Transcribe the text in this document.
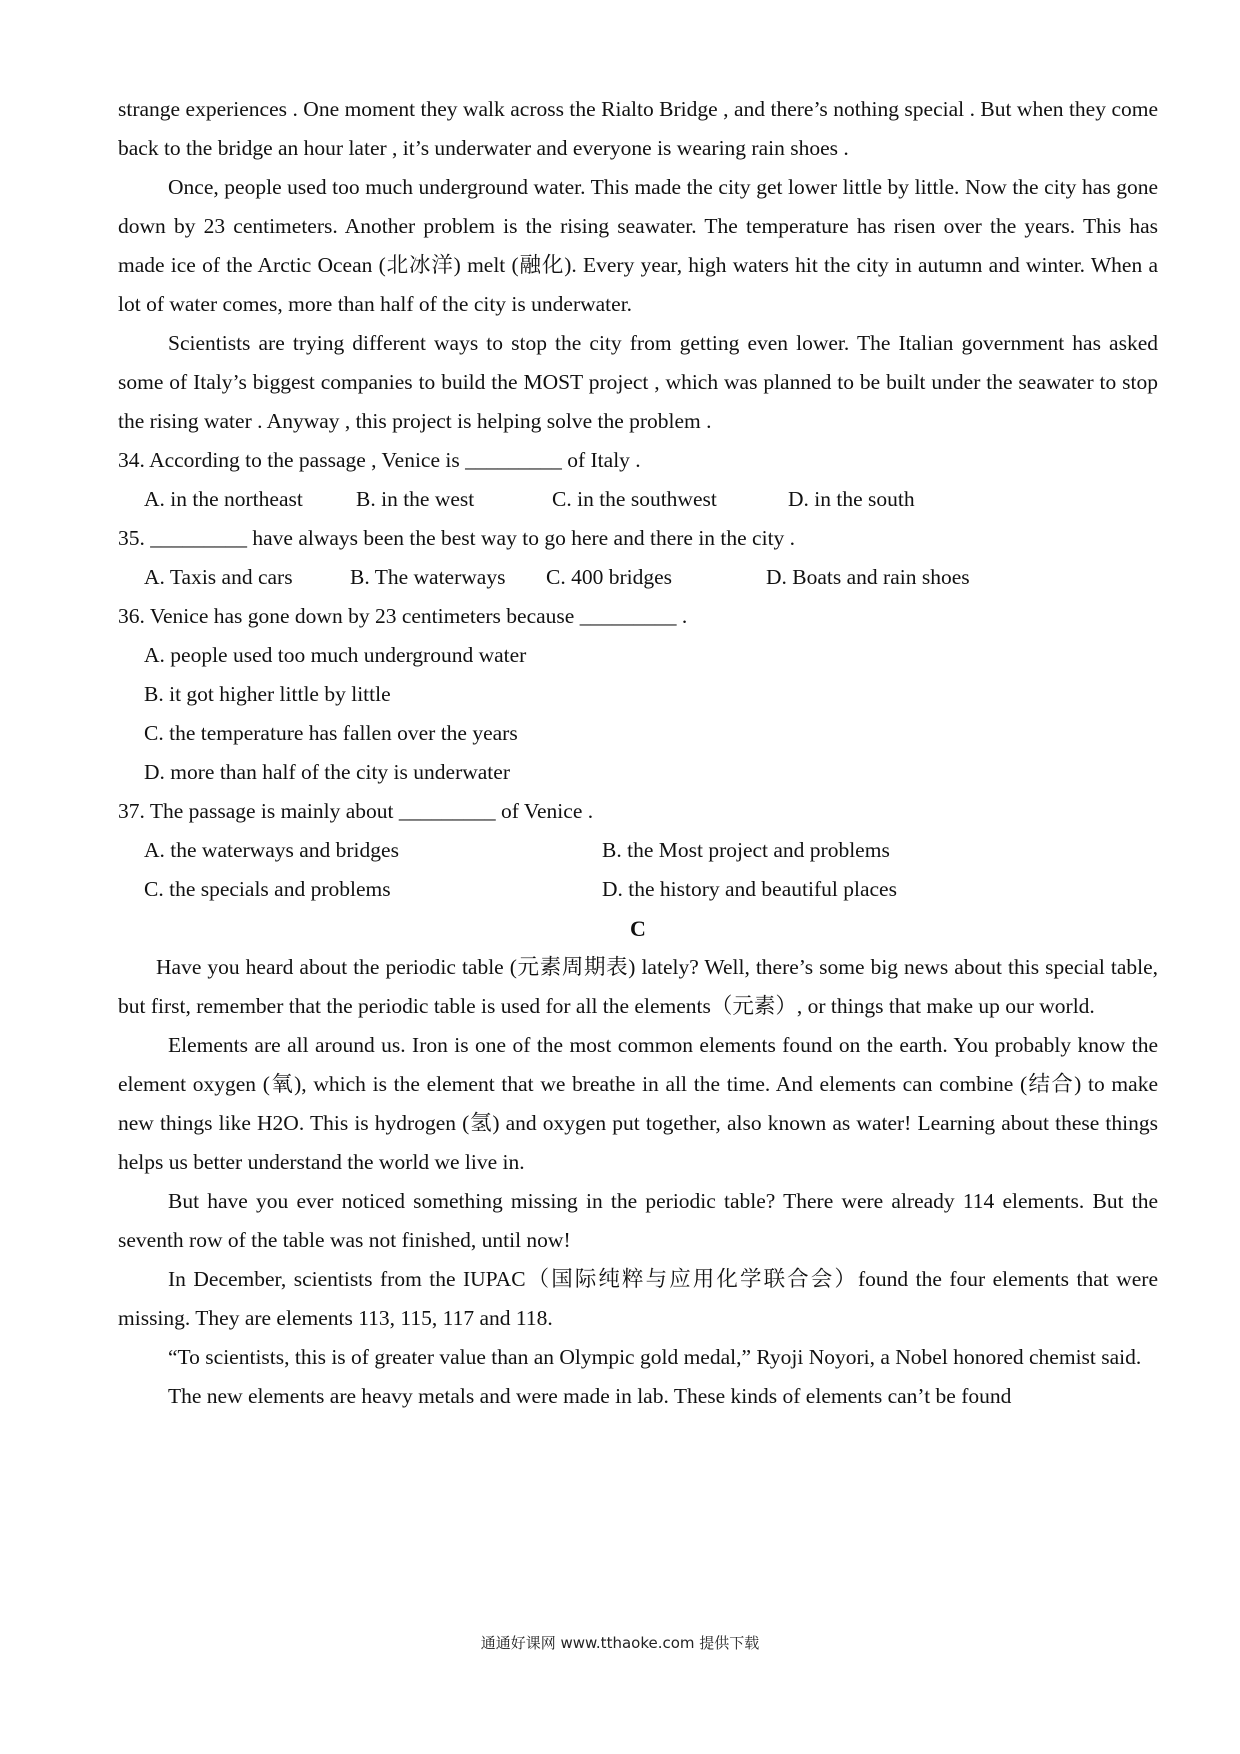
strange experiences . One moment they walk across the Rialto Bridge , and there’s nothing special . But when they come back to the bridge an hour later , it’s underwater and everyone is wearing rain shoes .

Once, people used too much underground water. This made the city get lower little by little. Now the city has gone down by 23 centimeters. Another problem is the rising seawater. The temperature has risen over the years. This has made ice of the Arctic Ocean (北冰洋) melt (融化). Every year, high waters hit the city in autumn and winter. When a lot of water comes, more than half of the city is underwater.

Scientists are trying different ways to stop the city from getting even lower. The Italian government has asked some of Italy’s biggest companies to build the MOST project , which was planned to be built under the seawater to stop the rising water . Anyway , this project is helping solve the problem .

34. According to the passage , Venice is _________ of Italy .

A. in the northeast	B. in the west	C. in the southwest	D. in the south

35. _________ have always been the best way to go here and there in the city .

A. Taxis and cars	B. The waterways	C. 400 bridges	D. Boats and rain shoes

36. Venice has gone down by 23 centimeters because _________ .

A. people used too much underground water

B. it got higher little by little

C. the temperature has fallen over the years

D. more than half of the city is underwater

37. The passage is mainly about _________ of Venice .

A. the waterways and bridges	B. the Most project and problems
C. the specials and problems	D. the history and beautiful places

C

Have you heard about the periodic table (元素周期表) lately? Well, there’s some big news about this special table, but first, remember that the periodic table is used for all the elements（元素）, or things that make up our world.

Elements are all around us. Iron is one of the most common elements found on the earth. You probably know the element oxygen (氧), which is the element that we breathe in all the time. And elements can combine (结合) to make new things like H2O. This is hydrogen (氢) and oxygen put together, also known as water! Learning about these things helps us better understand the world we live in.

But have you ever noticed something missing in the periodic table? There were already 114 elements. But the seventh row of the table was not finished, until now!

In December, scientists from the IUPAC（国际纯粹与应用化学联合会）found the four elements that were missing. They are elements 113, 115, 117 and 118.

“To scientists, this is of greater value than an Olympic gold medal,” Ryoji Noyori, a Nobel honored chemist said.

The new elements are heavy metals and were made in lab. These kinds of elements can’t be found

通通好课网 www.tthaoke.com 提供下载
